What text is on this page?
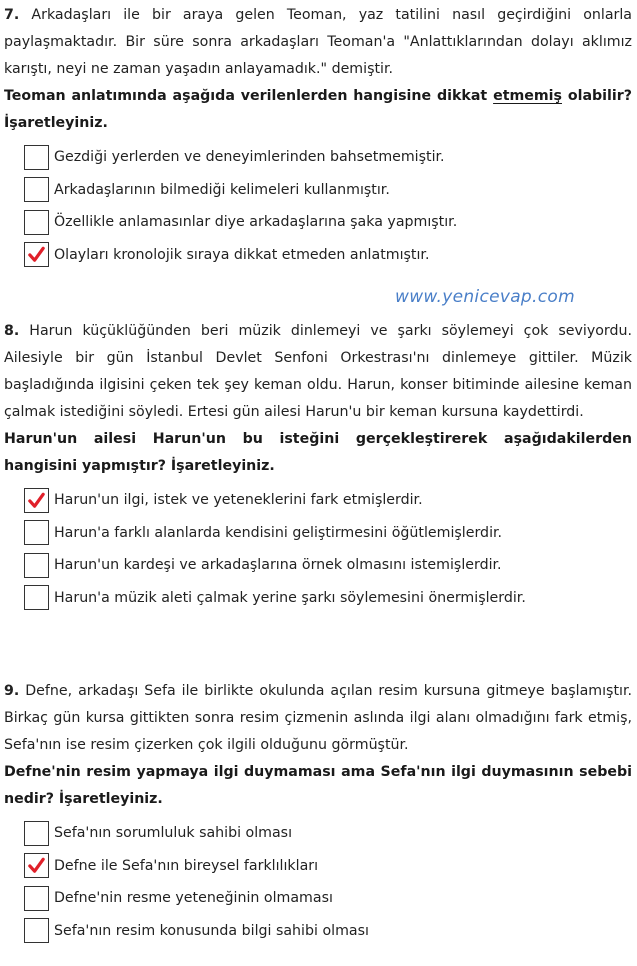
7. Arkadaşları ile bir araya gelen Teoman, yaz tatilini nasıl geçirdiğini onlarla paylaşmaktadır. Bir süre sonra arkadaşları Teoman'a "Anlattıklarından dolayı aklımız karıştı, neyi ne zaman yaşadın anlayamadık." demiştir.

Teoman anlatımında aşağıda verilenlerden hangisine dikkat etmemiş olabilir? İşaretleyiniz.

Gezdiği yerlerden ve deneyimlerinden bahsetmemiştir.
Arkadaşlarının bilmediği kelimeleri kullanmıştır.
Özellikle anlamasınlar diye arkadaşlarına şaka yapmıştır.
Olayları kronolojik sıraya dikkat etmeden anlatmıştır.
www.yenicevap.com

8. Harun küçüklüğünden beri müzik dinlemeyi ve şarkı söylemeyi çok seviyordu. Ailesiyle bir gün İstanbul Devlet Senfoni Orkestrası'nı dinlemeye gittiler. Müzik başladığında ilgisini çeken tek şey keman oldu. Harun, konser bitiminde ailesine keman çalmak istediğini söyledi. Ertesi gün ailesi Harun'u bir keman kursuna kaydettirdi.

Harun'un ailesi Harun'un bu isteğini gerçekleştirerek aşağıdakilerden hangisini yapmıştır? İşaretleyiniz.

Harun'un ilgi, istek ve yeteneklerini fark etmişlerdir.
Harun'a farklı alanlarda kendisini geliştirmesini öğütlemişlerdir.
Harun'un kardeşi ve arkadaşlarına örnek olmasını istemişlerdir.
Harun'a müzik aleti çalmak yerine şarkı söylemesini önermişlerdir.

9. Defne, arkadaşı Sefa ile birlikte okulunda açılan resim kursuna gitmeye başlamıştır. Birkaç gün kursa gittikten sonra resim çizmenin aslında ilgi alanı olmadığını fark etmiş, Sefa'nın ise resim çizerken çok ilgili olduğunu görmüştür.

Defne'nin resim yapmaya ilgi duymaması ama Sefa'nın ilgi duymasının sebebi nedir? İşaretleyiniz.

Sefa'nın sorumluluk sahibi olması
Defne ile Sefa'nın bireysel farklılıkları
Defne'nin resme yeteneğinin olmaması
Sefa'nın resim konusunda bilgi sahibi olması
